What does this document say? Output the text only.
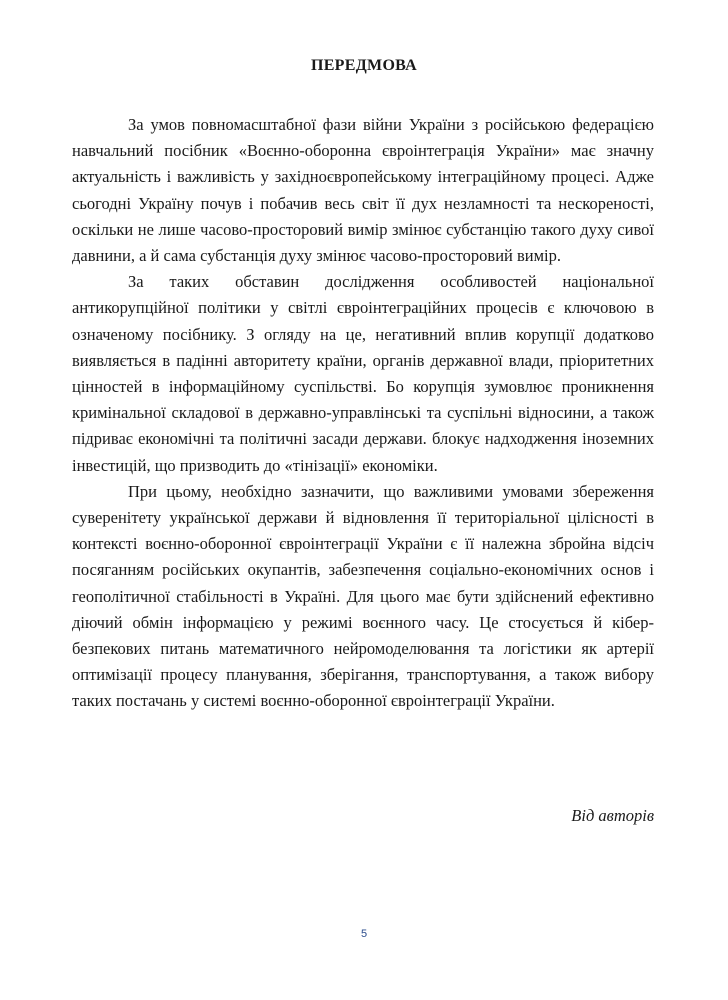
ПЕРЕДМОВА

За умов повномасштабної фази війни України з російською федерацією навчальний посібник «Воєнно-оборонна євроінтеграція України» має значну актуальність і важливість у західноєвропейському інтеграційному процесі. Адже сьогодні Україну почув і побачив весь світ її дух незламності та нескореності, оскільки не лише часово-просторовий вимір змінює субстанцію такого духу сивої давнини, а й сама субстанція духу змінює часово-просторовий вимір.

За таких обставин дослідження особливостей національної антикорупційної політики у світлі євроінтеграційних процесів є ключовою в означеному посібнику. З огляду на це, негативний вплив корупції додатково виявляється в падінні авторитету країни, органів державної влади, пріоритетних цінностей в інформаційному суспільстві. Бо корупція зумовлює проникнення кримінальної складової в державно-управлінські та суспільні відносини, а також підриває економічні та політичні засади держави. блокує надходження іноземних інвестицій, що призводить до «тінізації» економіки.

При цьому, необхідно зазначити, що важливими умовами збереження суверенітету української держави й відновлення її територіальної цілісності в контексті воєнно-оборонної євроінтеграції України є її належна збройна відсіч посяганням російських окупантів, забезпечення соціально-економічних основ і геополітичної стабільності в Україні. Для цього має бути здійснений ефективно діючий обмін інформацією у режимі воєнного часу. Це стосується й кібер-безпекових питань математичного нейромоделювання та логістики як артерії оптимізації процесу планування, зберігання, транспортування, а також вибору таких постачань у системі воєнно-оборонної євроінтеграції України.

Від авторів
5
